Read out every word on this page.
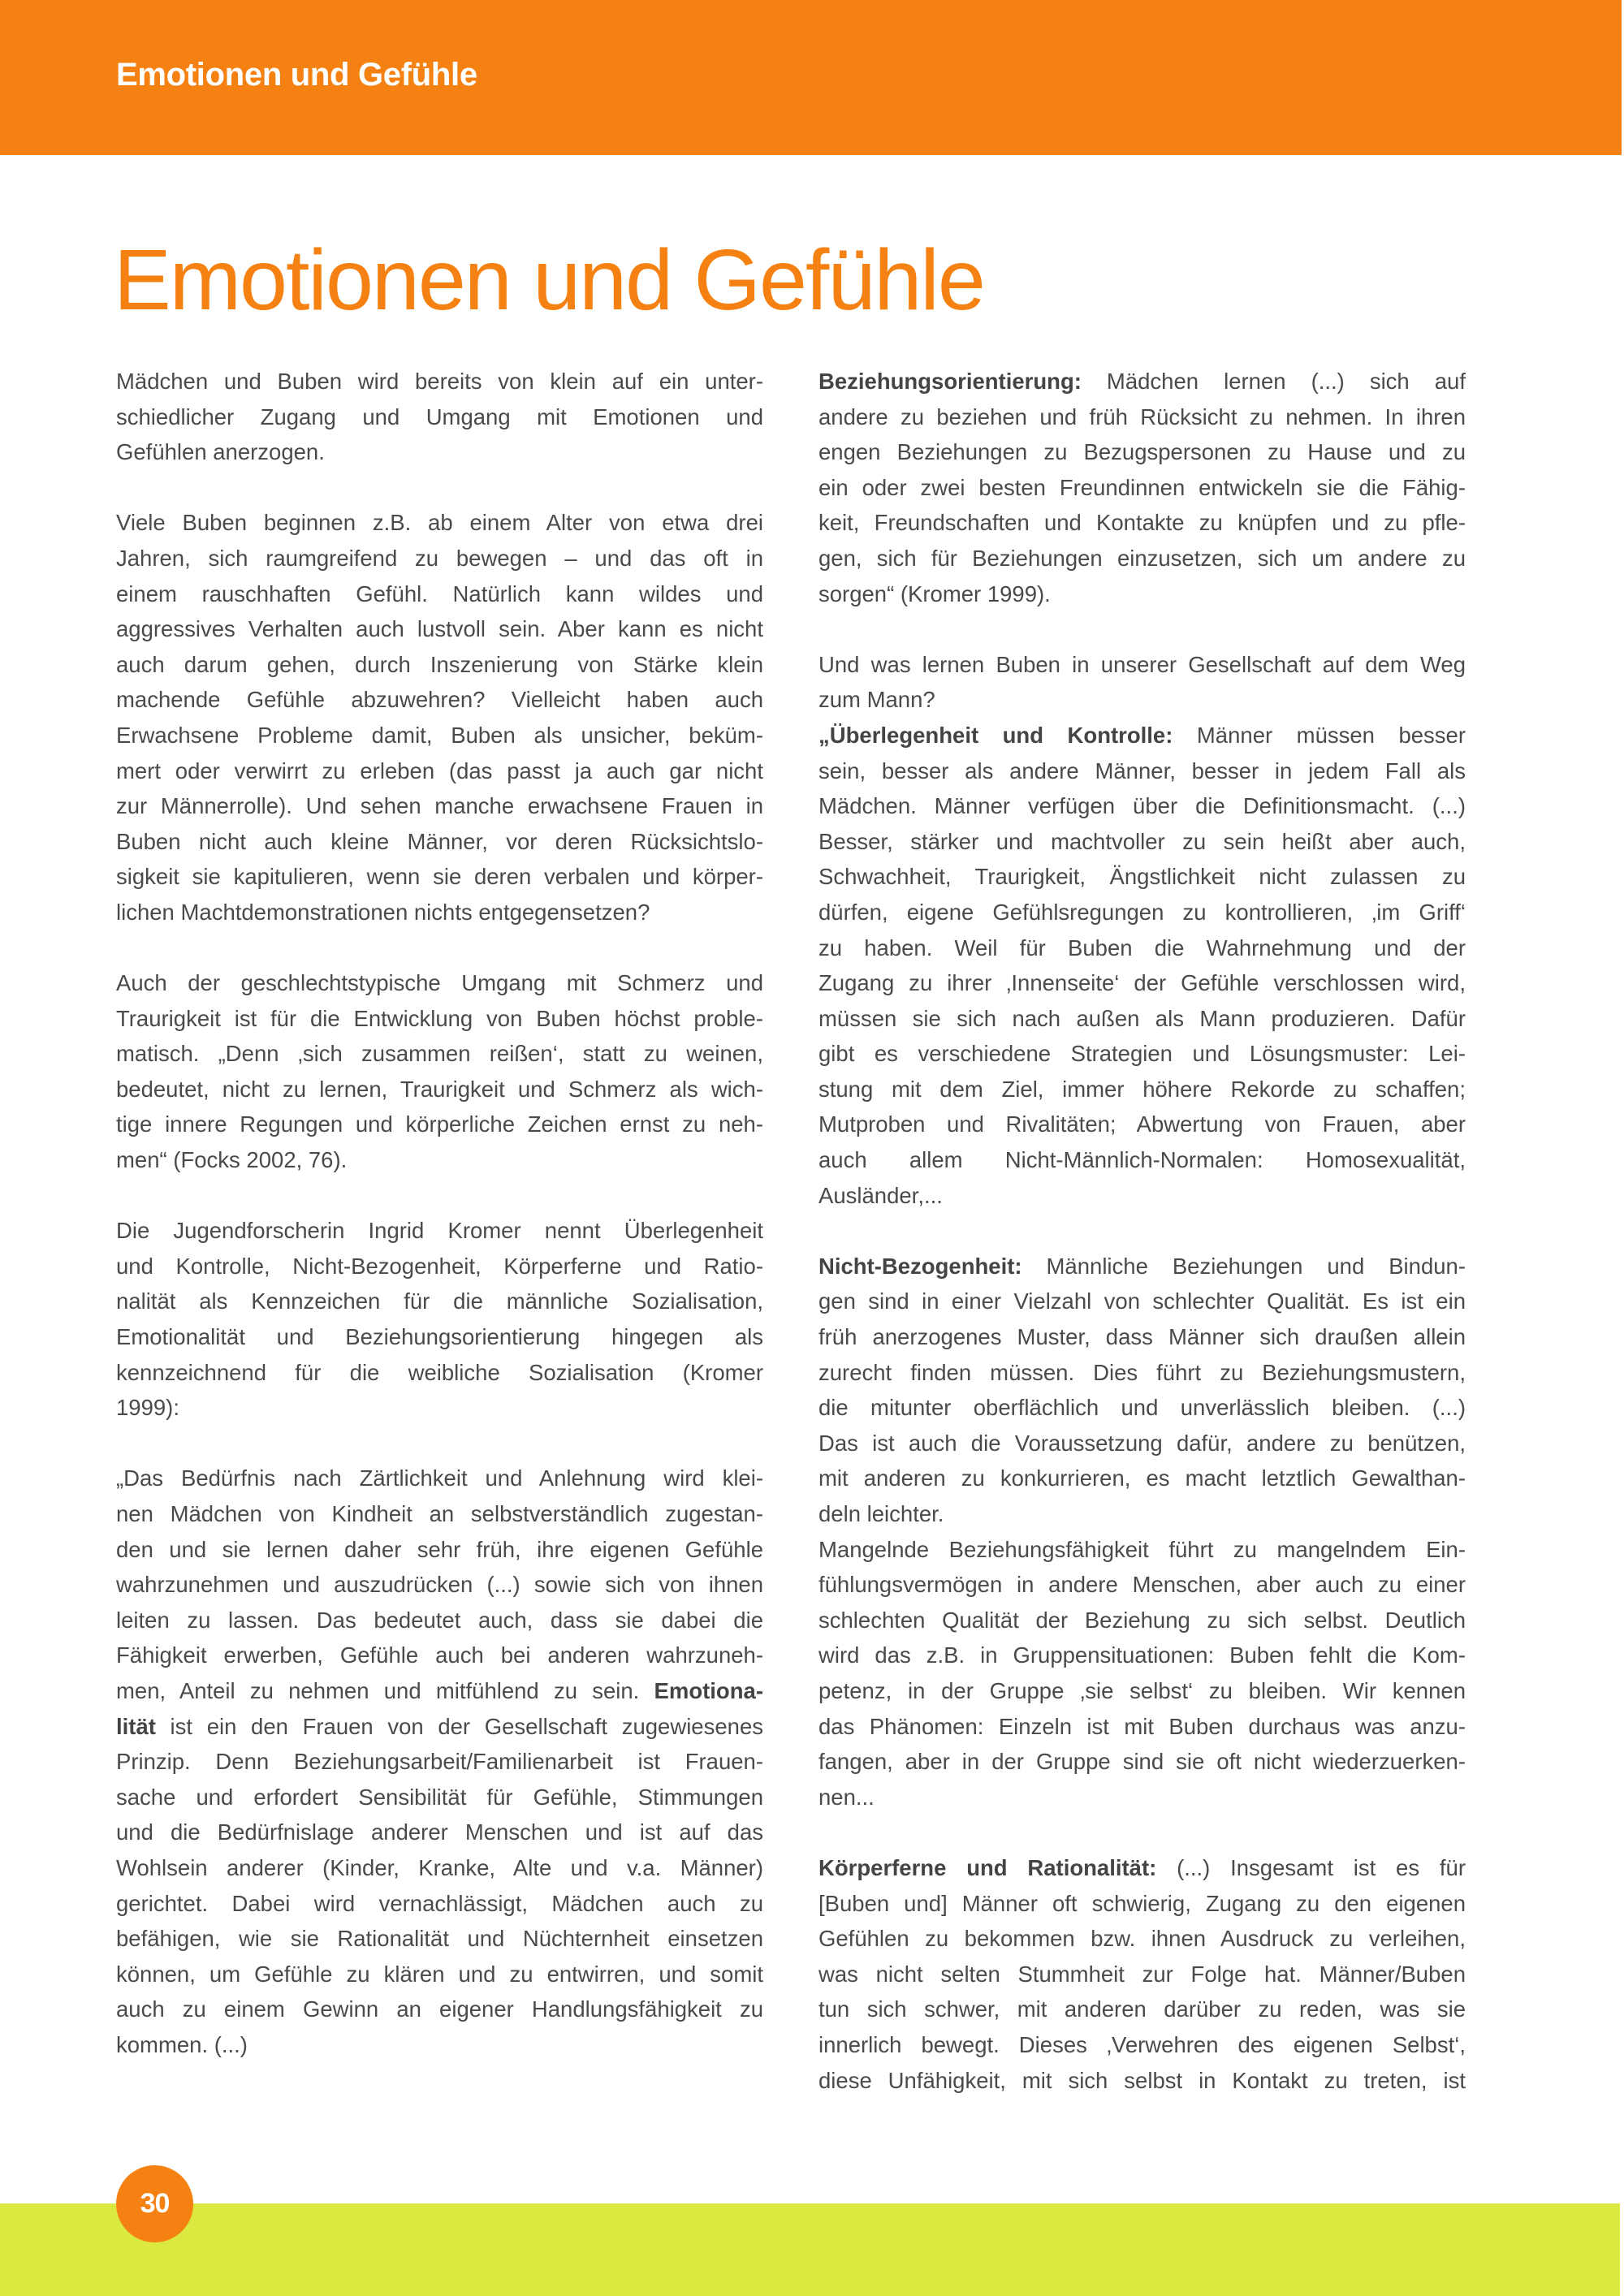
Emotionen und Gefühle
Emotionen und Gefühle
Mädchen und Buben wird bereits von klein auf ein unter-
schiedlicher Zugang und Umgang mit Emotionen und
Gefühlen anerzogen.
Viele Buben beginnen z.B. ab einem Alter von etwa drei
Jahren, sich raumgreifend zu bewegen – und das oft in
einem rauschhaften Gefühl. Natürlich kann wildes und
aggressives Verhalten auch lustvoll sein. Aber kann es nicht
auch darum gehen, durch Inszenierung von Stärke klein
machende Gefühle abzuwehren? Vielleicht haben auch
Erwachsene Probleme damit, Buben als unsicher, beküm-
mert oder verwirrt zu erleben (das passt ja auch gar nicht
zur Männerrolle). Und sehen manche erwachsene Frauen in
Buben nicht auch kleine Männer, vor deren Rücksichtslo-
sigkeit sie kapitulieren, wenn sie deren verbalen und körper-
lichen Machtdemonstrationen nichts entgegensetzen?
Auch der geschlechtstypische Umgang mit Schmerz und
Traurigkeit ist für die Entwicklung von Buben höchst proble-
matisch. „Denn ‚sich zusammen reißen‘, statt zu weinen,
bedeutet, nicht zu lernen, Traurigkeit und Schmerz als wich-
tige innere Regungen und körperliche Zeichen ernst zu neh-
men“ (Focks 2002, 76).
Die Jugendforscherin Ingrid Kromer nennt Überlegenheit
und Kontrolle, Nicht-Bezogenheit, Körperferne und Ratio-
nalität als Kennzeichen für die männliche Sozialisation,
Emotionalität und Beziehungsorientierung hingegen als
kennzeichnend für die weibliche Sozialisation (Kromer
1999):
„Das Bedürfnis nach Zärtlichkeit und Anlehnung wird klei-
nen Mädchen von Kindheit an selbstverständlich zugestan-
den und sie lernen daher sehr früh, ihre eigenen Gefühle
wahrzunehmen und auszudrücken (...) sowie sich von ihnen
leiten zu lassen. Das bedeutet auch, dass sie dabei die
Fähigkeit erwerben, Gefühle auch bei anderen wahrzuneh-
men, Anteil zu nehmen und mitfühlend zu sein. Emotiona-
lität ist ein den Frauen von der Gesellschaft zugewiesenes
Prinzip. Denn Beziehungsarbeit/Familienarbeit ist Frauen-
sache und erfordert Sensibilität für Gefühle, Stimmungen
und die Bedürfnislage anderer Menschen und ist auf das
Wohlsein anderer (Kinder, Kranke, Alte und v.a. Männer)
gerichtet. Dabei wird vernachlässigt, Mädchen auch zu
befähigen, wie sie Rationalität und Nüchternheit einsetzen
können, um Gefühle zu klären und zu entwirren, und somit
auch zu einem Gewinn an eigener Handlungsfähigkeit zu
kommen. (...)
Beziehungsorientierung: Mädchen lernen (...) sich auf
andere zu beziehen und früh Rücksicht zu nehmen. In ihren
engen Beziehungen zu Bezugspersonen zu Hause und zu
ein oder zwei besten Freundinnen entwickeln sie die Fähig-
keit, Freundschaften und Kontakte zu knüpfen und zu pfle-
gen, sich für Beziehungen einzusetzen, sich um andere zu
sorgen“ (Kromer 1999).
Und was lernen Buben in unserer Gesellschaft auf dem Weg
zum Mann?
„Überlegenheit und Kontrolle: Männer müssen besser
sein, besser als andere Männer, besser in jedem Fall als
Mädchen. Männer verfügen über die Definitionsmacht. (...)
Besser, stärker und machtvoller zu sein heißt aber auch,
Schwachheit, Traurigkeit, Ängstlichkeit nicht zulassen zu
dürfen, eigene Gefühlsregungen zu kontrollieren, ‚im Griff‘
zu haben. Weil für Buben die Wahrnehmung und der
Zugang zu ihrer ‚Innenseite‘ der Gefühle verschlossen wird,
müssen sie sich nach außen als Mann produzieren. Dafür
gibt es verschiedene Strategien und Lösungsmuster: Lei-
stung mit dem Ziel, immer höhere Rekorde zu schaffen;
Mutproben und Rivalitäten; Abwertung von Frauen, aber
auch allem Nicht-Männlich-Normalen: Homosexualität,
Ausländer,...
Nicht-Bezogenheit: Männliche Beziehungen und Bindun-
gen sind in einer Vielzahl von schlechter Qualität. Es ist ein
früh anerzogenes Muster, dass Männer sich draußen allein
zurecht finden müssen. Dies führt zu Beziehungsmustern,
die mitunter oberflächlich und unverlässlich bleiben. (...)
Das ist auch die Voraussetzung dafür, andere zu benützen,
mit anderen zu konkurrieren, es macht letztlich Gewalthan-
deln leichter.
Mangelnde Beziehungsfähigkeit führt zu mangelndem Ein-
fühlungsvermögen in andere Menschen, aber auch zu einer
schlechten Qualität der Beziehung zu sich selbst. Deutlich
wird das z.B. in Gruppensituationen: Buben fehlt die Kom-
petenz, in der Gruppe ‚sie selbst‘ zu bleiben. Wir kennen
das Phänomen: Einzeln ist mit Buben durchaus was anzu-
fangen, aber in der Gruppe sind sie oft nicht wiederzuerken-
nen...
Körperferne und Rationalität: (...) Insgesamt ist es für
[Buben und] Männer oft schwierig, Zugang zu den eigenen
Gefühlen zu bekommen bzw. ihnen Ausdruck zu verleihen,
was nicht selten Stummheit zur Folge hat. Männer/Buben
tun sich schwer, mit anderen darüber zu reden, was sie
innerlich bewegt. Dieses ‚Verwehren des eigenen Selbst‘,
diese Unfähigkeit, mit sich selbst in Kontakt zu treten, ist
30
